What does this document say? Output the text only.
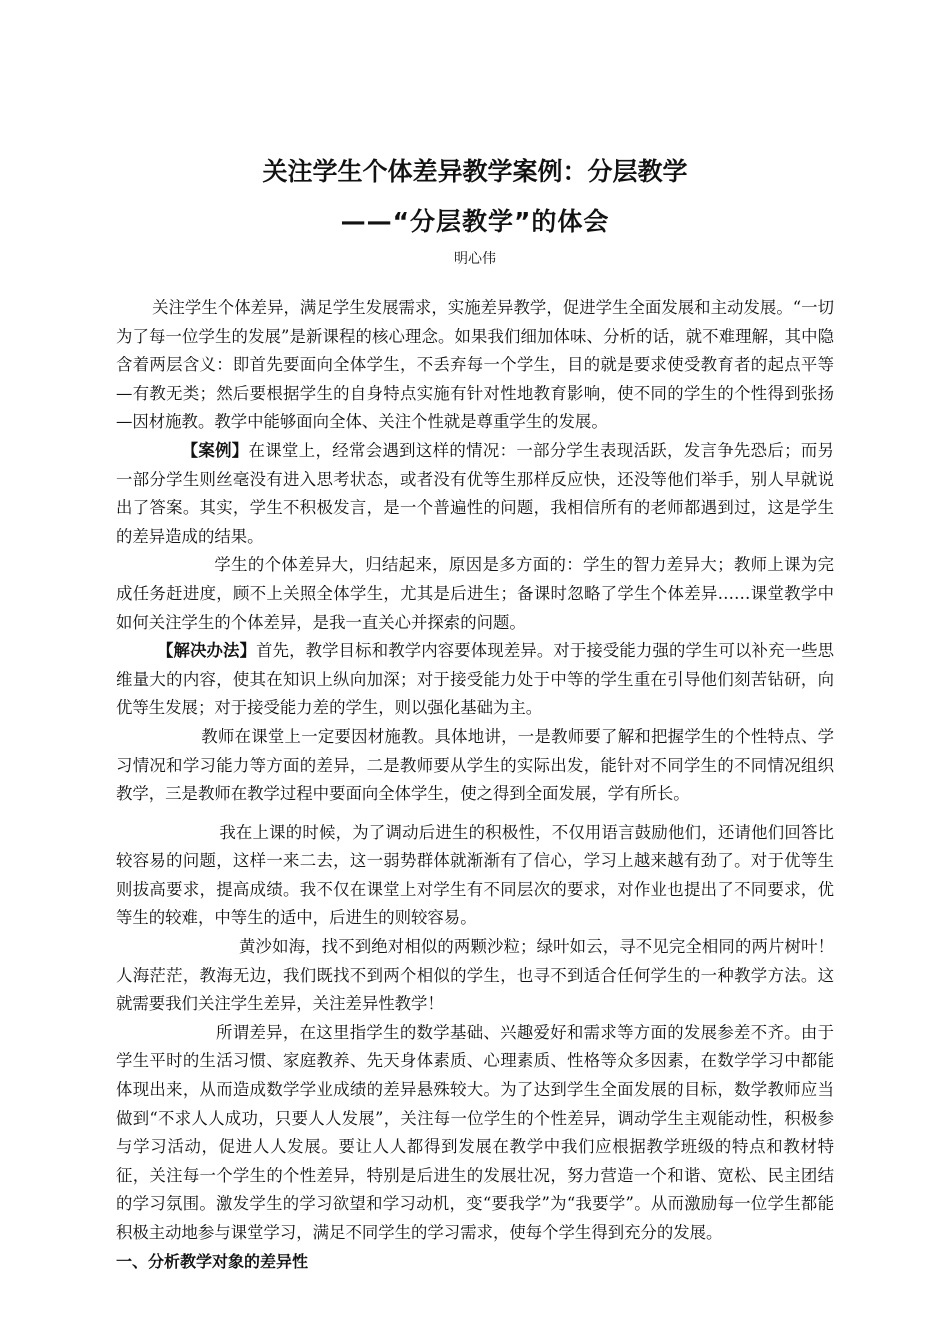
关注学生个体差异教学案例：分层教学
——“分层教学”的体会
明心伟

关注学生个体差异，满足学生发展需求，实施差异教学，促进学生全面发展和主动发展。“一切为了每一位学生的发展”是新课程的核心理念。如果我们细加体味、分析的话，就不难理解，其中隐含着两层含义：即首先要面向全体学生，不丢弃每一个学生，目的就是要求使受教育者的起点平等—有教无类；然后要根据学生的自身特点实施有针对性地教育影响，使不同的学生的个性得到张扬—因材施教。教学中能够面向全体、关注个性就是尊重学生的发展。

【案例】在课堂上，经常会遇到这样的情况：一部分学生表现活跃，发言争先恐后；而另一部分学生则丝毫没有进入思考状态，或者没有优等生那样反应快，还没等他们举手，别人早就说出了答案。其实，学生不积极发言，是一个普遍性的问题，我相信所有的老师都遇到过，这是学生的差异造成的结果。

学生的个体差异大，归结起来，原因是多方面的：学生的智力差异大；教师上课为完成任务赶进度，顾不上关照全体学生，尤其是后进生；备课时忽略了学生个体差异……课堂教学中如何关注学生的个体差异，是我一直关心并探索的问题。

【解决办法】首先，教学目标和教学内容要体现差异。对于接受能力强的学生可以补充一些思维量大的内容，使其在知识上纵向加深；对于接受能力处于中等的学生重在引导他们刻苦钻研，向优等生发展；对于接受能力差的学生，则以强化基础为主。

教师在课堂上一定要因材施教。具体地讲，一是教师要了解和把握学生的个性特点、学习情况和学习能力等方面的差异，二是教师要从学生的实际出发，能针对不同学生的不同情况组织教学，三是教师在教学过程中要面向全体学生，使之得到全面发展，学有所长。

我在上课的时候，为了调动后进生的积极性，不仅用语言鼓励他们，还请他们回答比较容易的问题，这样一来二去，这一弱势群体就渐渐有了信心，学习上越来越有劲了。对于优等生则拔高要求，提高成绩。我不仅在课堂上对学生有不同层次的要求，对作业也提出了不同要求，优等生的较难，中等生的适中，后进生的则较容易。

黄沙如海，找不到绝对相似的两颗沙粒；绿叶如云，寻不见完全相同的两片树叶！人海茫茫，教海无边，我们既找不到两个相似的学生，也寻不到适合任何学生的一种教学方法。这就需要我们关注学生差异，关注差异性教学！

所谓差异，在这里指学生的数学基础、兴趣爱好和需求等方面的发展参差不齐。由于学生平时的生活习惯、家庭教养、先天身体素质、心理素质、性格等众多因素，在数学学习中都能体现出来，从而造成数学学业成绩的差异悬殊较大。为了达到学生全面发展的目标，数学教师应当做到“不求人人成功，只要人人发展”，关注每一位学生的个性差异，调动学生主观能动性，积极参与学习活动，促进人人发展。要让人人都得到发展在教学中我们应根据教学班级的特点和教材特征，关注每一个学生的个性差异，特别是后进生的发展壮况，努力营造一个和谐、宽松、民主团结的学习氛围。激发学生的学习欲望和学习动机，变“要我学”为“我要学”。从而激励每一位学生都能积极主动地参与课堂学习，满足不同学生的学习需求，使每个学生得到充分的发展。

一、分析教学对象的差异性
